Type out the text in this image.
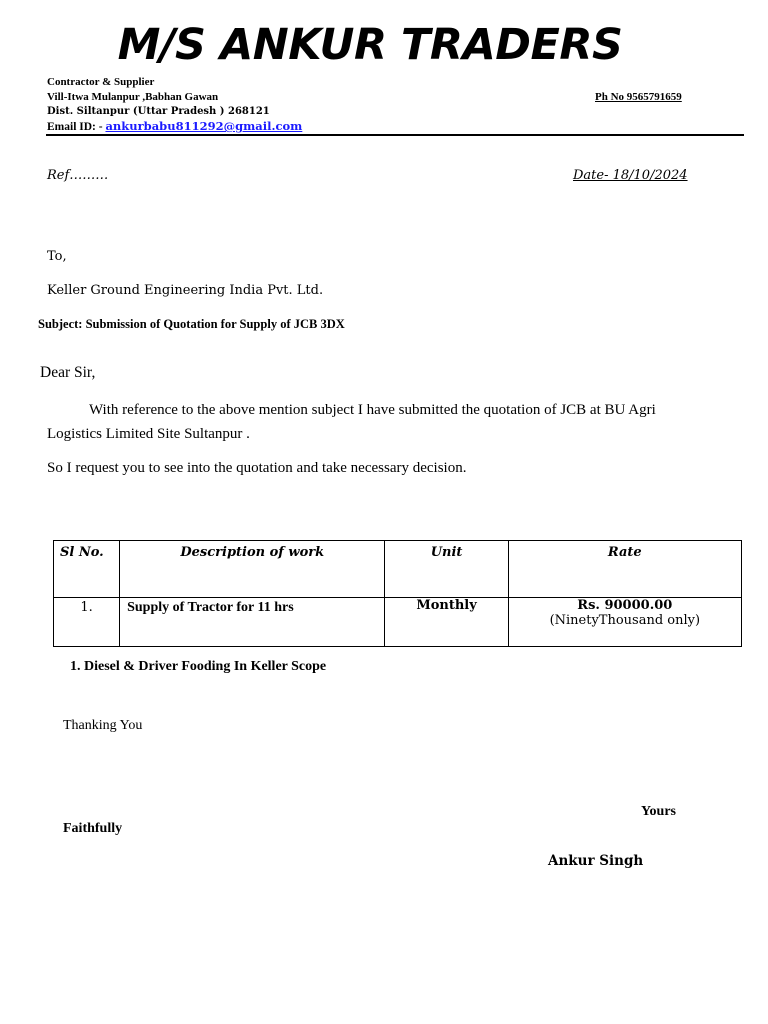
M/S ANKUR TRADERS
Contractor & Supplier
Vill-Itwa Mulanpur ,Babhan Gawan
Dist. Siltanpur (Uttar Pradesh ) 268121
Email ID: - ankurbabu811292@gmail.com
Ph No 9565791659
Ref………	Date- 18/10/2024
To,
Keller Ground Engineering India Pvt. Ltd.
Subject: Submission of Quotation for Supply of JCB 3DX
Dear Sir,
With reference to the above mention subject I have submitted the quotation of JCB at BU Agri
Logistics Limited Site Sultanpur .
So I request you to see into the quotation and take necessary decision.
Sl No.	Description of work	Unit	Rate
1.	Supply of Tractor for 11 hrs	Monthly	Rs. 90000.00
(NinetyThousand only)
1. Diesel & Driver Fooding In Keller Scope
Thanking You
Yours
Faithfully
Ankur Singh
